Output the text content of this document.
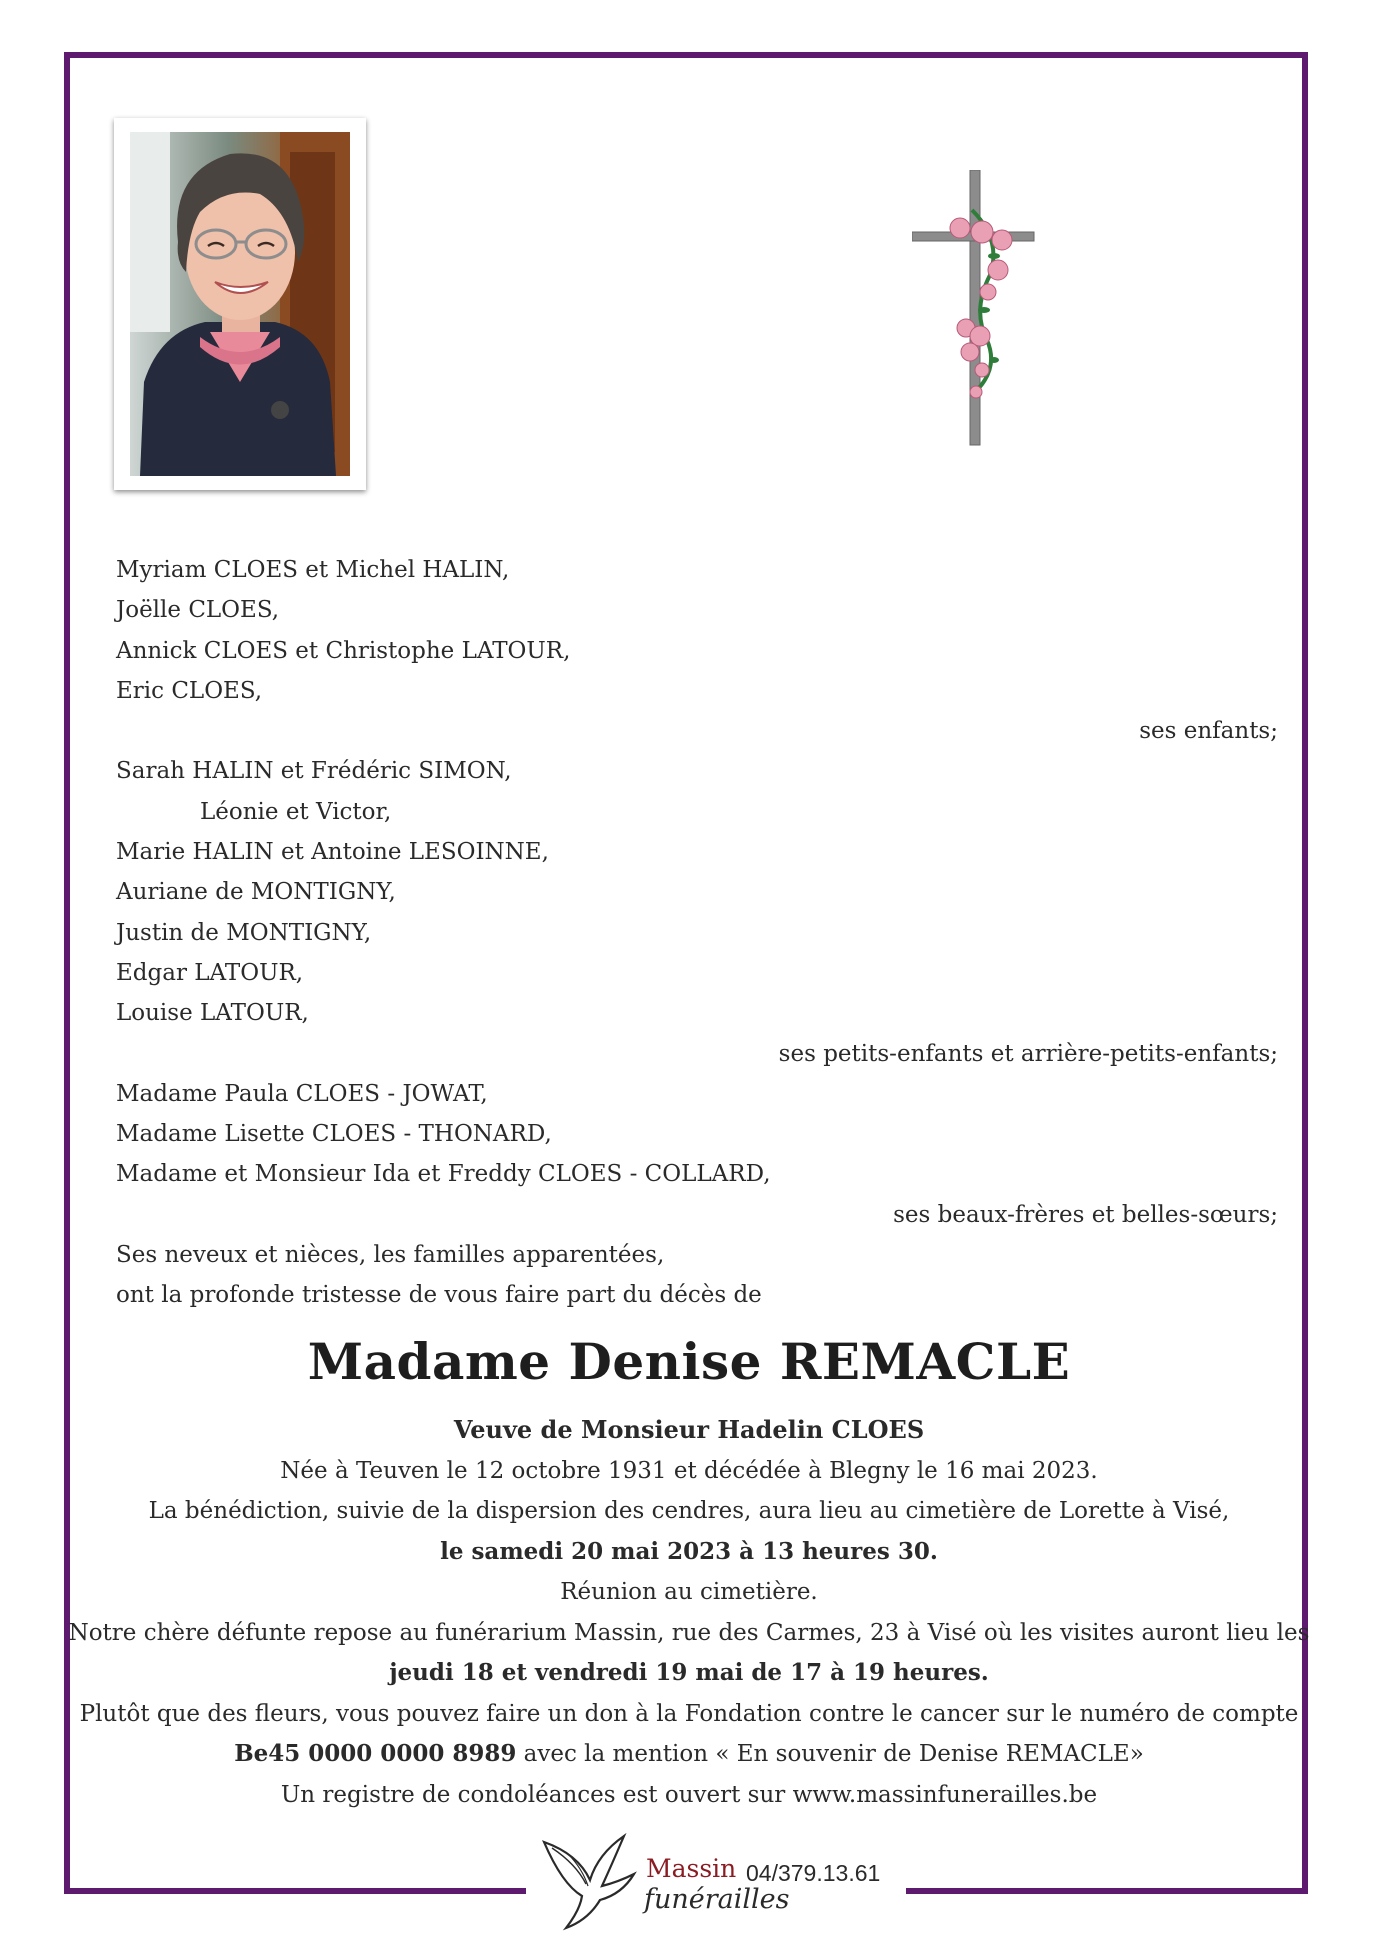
Myriam CLOES et Michel HALIN,
Joëlle CLOES,
Annick CLOES et Christophe LATOUR,
Eric CLOES,
ses enfants;
Sarah HALIN et Frédéric SIMON,
Léonie et Victor,
Marie HALIN et Antoine LESOINNE,
Auriane de MONTIGNY,
Justin de MONTIGNY,
Edgar LATOUR,
Louise LATOUR,
ses petits-enfants et arrière-petits-enfants;
Madame Paula CLOES - JOWAT,
Madame Lisette CLOES - THONARD,
Madame et Monsieur Ida et Freddy CLOES - COLLARD,
ses beaux-frères et belles-sœurs;
Ses neveux et nièces, les familles apparentées,
ont la profonde tristesse de vous faire part du décès de
Madame Denise REMACLE
Veuve de Monsieur Hadelin CLOES
Née à Teuven le 12 octobre 1931 et décédée à Blegny le 16 mai 2023.
La bénédiction, suivie de la dispersion des cendres, aura lieu au cimetière de Lorette à Visé,
le samedi 20 mai 2023 à 13 heures 30.
Réunion au cimetière.
Notre chère défunte repose au funérarium Massin, rue des Carmes, 23 à Visé où les visites auront lieu les
jeudi 18 et vendredi 19 mai de 17 à 19 heures.
Plutôt que des fleurs, vous pouvez faire un don à la Fondation contre le cancer sur le numéro de compte
Be45 0000 0000 8989 avec la mention « En souvenir de Denise REMACLE»
Un registre de condoléances est ouvert sur www.massinfunerailles.be
Massin
funérailles
04/379.13.61
